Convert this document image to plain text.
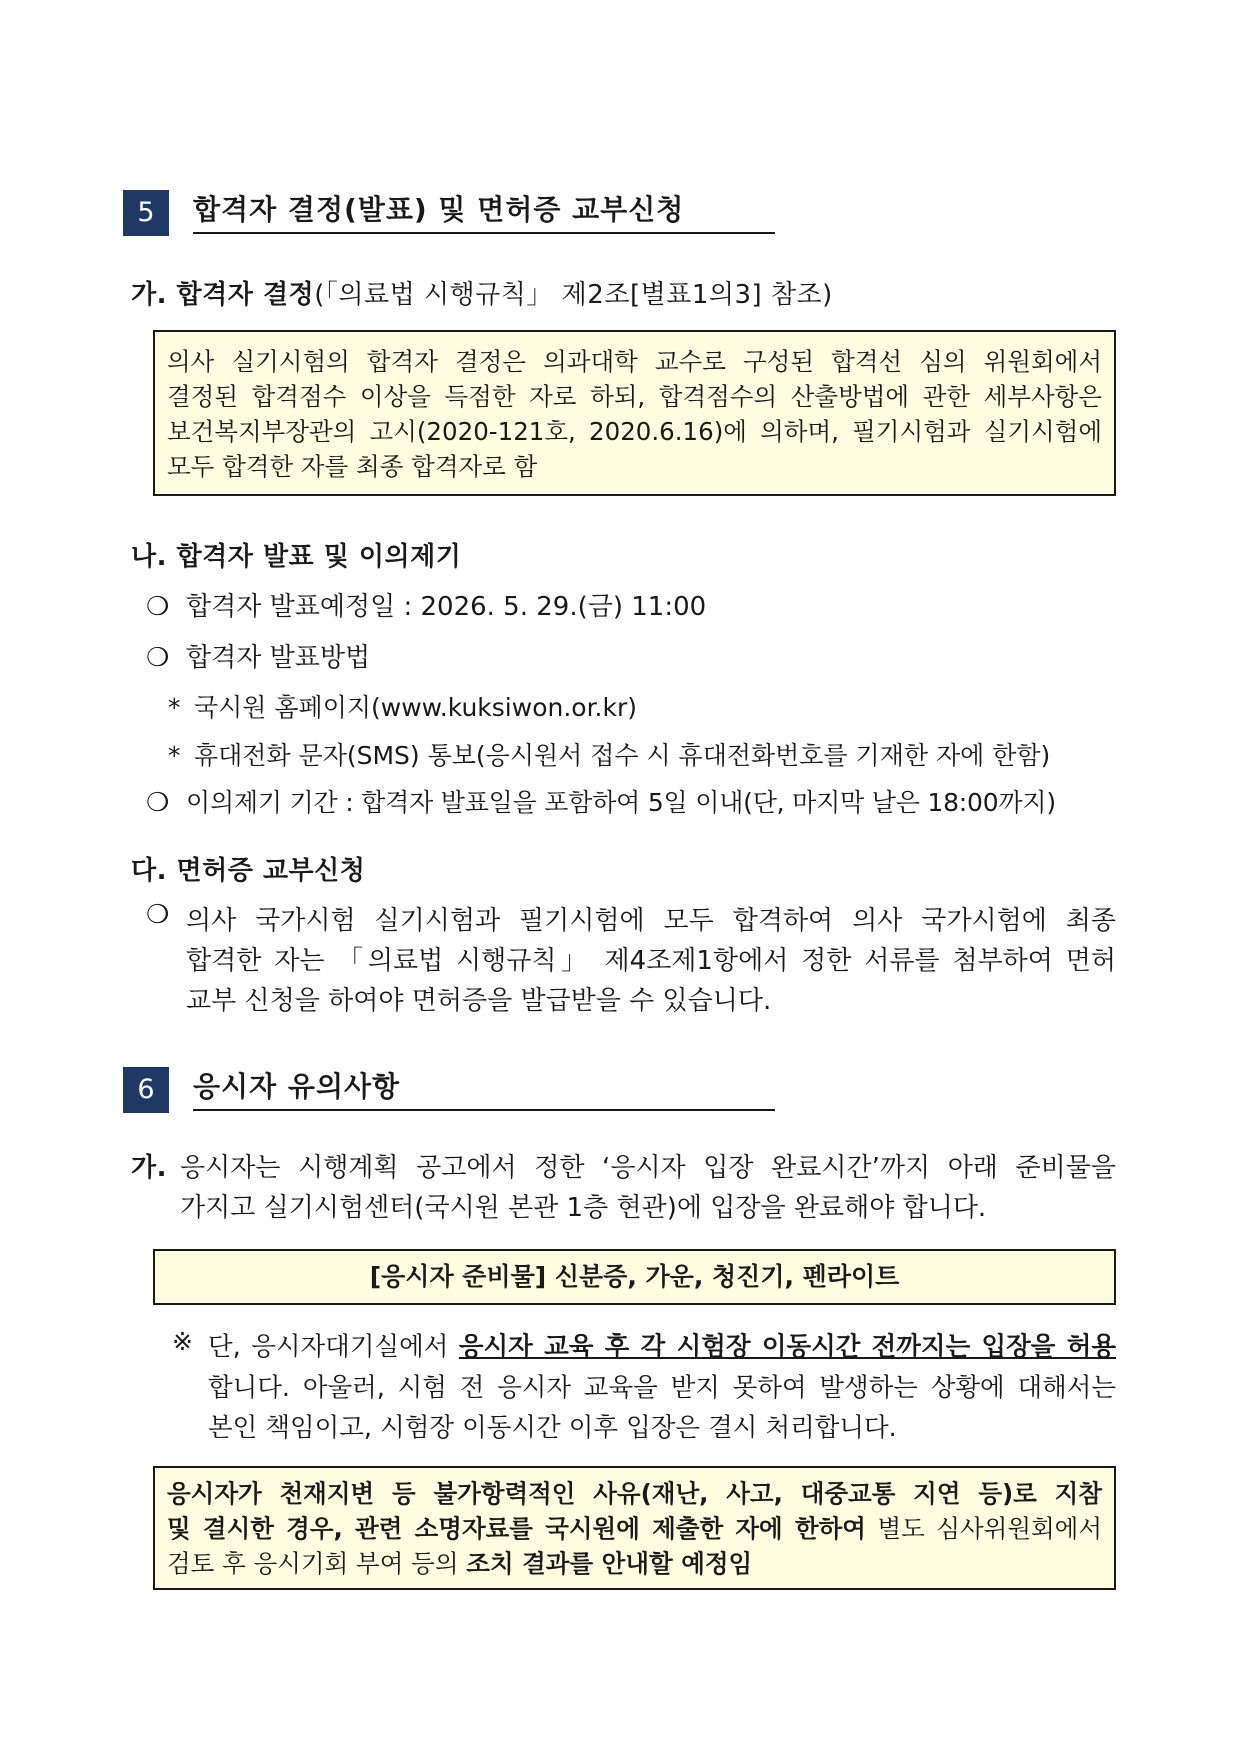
5	합격자 결정(발표) 및 면허증 교부신청
가. 합격자 결정(「의료법 시행규칙」 제2조[별표1의3] 참조)

의사 실기시험의 합격자 결정은 의과대학 교수로 구성된 합격선 심의 위원회에서

결정된 합격점수 이상을 득점한 자로 하되, 합격점수의 산출방법에 관한 세부사항은

보건복지부장관의 고시(2020-121호, 2020.6.16)에 의하며, 필기시험과 실기시험에

모두 합격한 자를 최종 합격자로 함

나. 합격자 발표 및 이의제기
❍ 합격자 발표예정일 : 2026. 5. 29.(금) 11:00
❍ 합격자 발표방법
* 국시원 홈페이지(www.kuksiwon.or.kr)
* 휴대전화 문자(SMS) 통보(응시원서 접수 시 휴대전화번호를 기재한 자에 한함)
❍ 이의제기 기간 : 합격자 발표일을 포함하여 5일 이내(단, 마지막 날은 18:00까지)
다. 면허증 교부신청
❍ 의사 국가시험 실기시험과 필기시험에 모두 합격하여 의사 국가시험에 최종
합격한 자는 「의료법 시행규칙」 제4조제1항에서 정한 서류를 첨부하여 면허
교부 신청을 하여야 면허증을 발급받을 수 있습니다.
6	응시자 유의사항
가. 응시자는 시행계획 공고에서 정한 ‘응시자 입장 완료시간’까지 아래 준비물을
가지고 실기시험센터(국시원 본관 1층 현관)에 입장을 완료해야 합니다.
[응시자 준비물] 신분증, 가운, 청진기, 펜라이트
※ 단, 응시자대기실에서 응시자 교육 후 각 시험장 이동시간 전까지는 입장을 허용
합니다. 아울러, 시험 전 응시자 교육을 받지 못하여 발생하는 상황에 대해서는
본인 책임이고, 시험장 이동시간 이후 입장은 결시 처리합니다.

응시자가 천재지변 등 불가항력적인 사유(재난, 사고, 대중교통 지연 등)로 지참

및 결시한 경우, 관련 소명자료를 국시원에 제출한 자에 한하여 별도 심사위원회에서

검토 후 응시기회 부여 등의 조치 결과를 안내할 예정임
